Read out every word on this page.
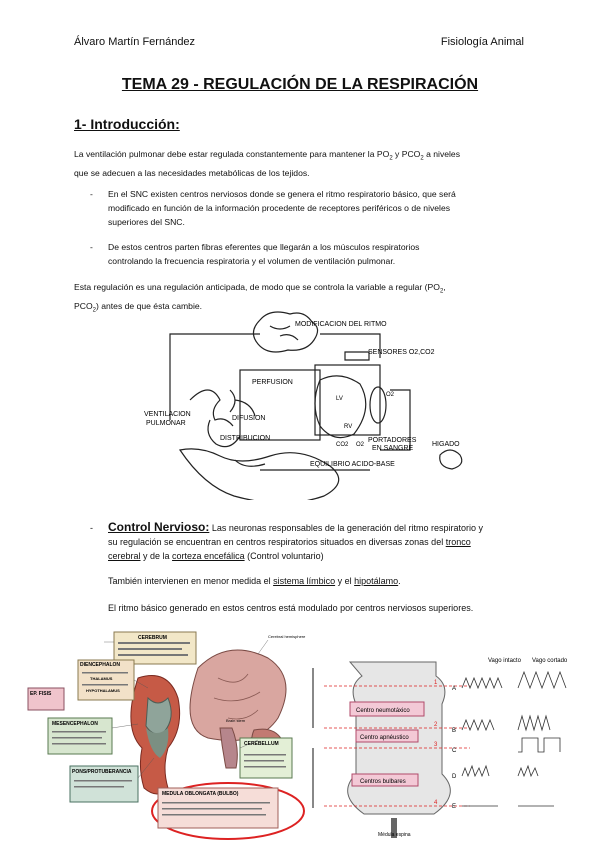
Álvaro Martín Fernández	Fisiología Animal
TEMA 29 - REGULACIÓN DE LA RESPIRACIÓN
1- Introducción:
La ventilación pulmonar debe estar regulada constantemente para mantener la $PO_2$ y $PCO_2$ a niveles
que se adecuen a las necesidades metabólicas de los tejidos.
- En el SNC existen centros nerviosos donde se genera el ritmo respiratorio básico, que será
modificado en función de la información procedente de receptores periféricos o de niveles
superiores del SNC.
- De estos centros parten fibras eferentes que llegarán a los músculos respiratorios
controlando la frecuencia respiratoria y el volumen de ventilación pulmonar.
Esta regulación es una regulación anticipada, de modo que se controla la variable a regular ($PO_2$,
$PCO_2$) antes de que ésta cambie.
MODIFICACION DEL RITMO
SENSORES O2,CO2
PERFUSION
DIFUSION
VENTILACION
PULMONAR
DISTRIBUCION
LV
RV
O2
CO2 O2
PORTADORES
EN SANGRE
HIGADO
EQUILIBRIO ACIDO-BASE
- Control Nervioso: Las neuronas responsables de la generación del ritmo respiratorio y
su regulación se encuentran en centros respiratorios situados en diversas zonas del tronco
cerebral y de la corteza encefálica (Control voluntario)
También intervienen en menor medida el sistema límbico y el hipotálamo.
El ritmo básico generado en estos centros está modulado por centros nerviosos superiores.
CEREBRUM
DIENCEPHALON
THALAMUS
HYPOTHALAMUS
EP. FISIS
MESENCEPHALON
PONS/PROTUBERANCIA
MEDULA OBLONGATA (BULBO)
CEREBELLUM
Cerebral hemisphere
Brain stem
Centro neumotáxico
Centro apnéustico
Centros bulbares
Médula espina
Vago intacto Vago cortado
1
2
3
4
A
B
C
D
E
